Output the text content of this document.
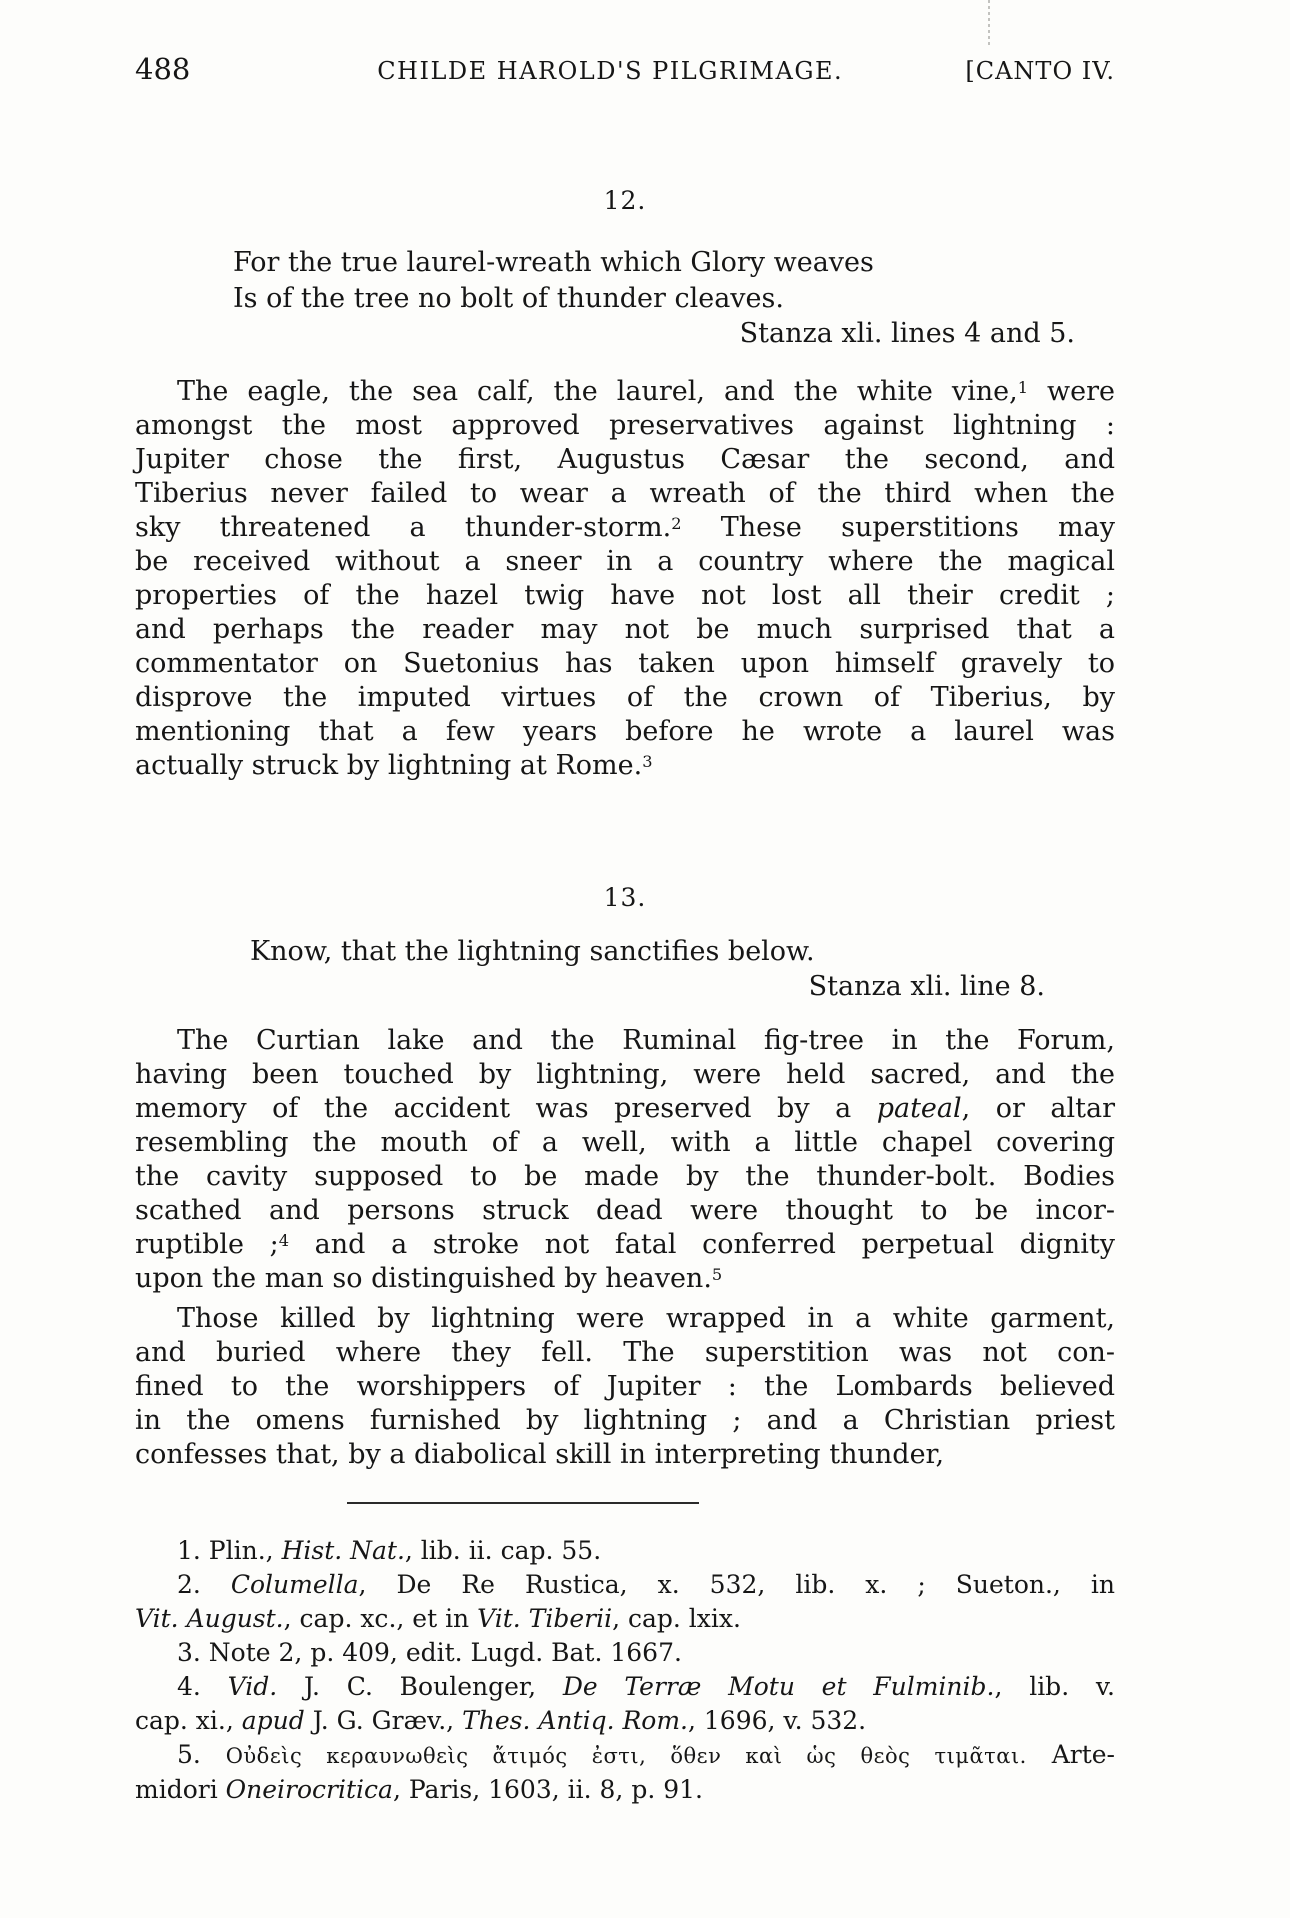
488	CHILDE HAROLD'S PILGRIMAGE.	[CANTO IV.
12.
For the true laurel-wreath which Glory weaves
Is of the tree no bolt of thunder cleaves.
Stanza xli. lines 4 and 5.
The eagle, the sea calf, the laurel, and the white vine,$^1$ were
amongst the most approved preservatives against lightning :
Jupiter chose the first, Augustus Cæsar the second, and
Tiberius never failed to wear a wreath of the third when the
sky threatened a thunder-storm.$^2$ These superstitions may
be received without a sneer in a country where the magical
properties of the hazel twig have not lost all their credit ;
and perhaps the reader may not be much surprised that a
commentator on Suetonius has taken upon himself gravely to
disprove the imputed virtues of the crown of Tiberius, by
mentioning that a few years before he wrote a laurel was
actually struck by lightning at Rome.$^3$
13.
Know, that the lightning sanctifies below.
Stanza xli. line 8.
The Curtian lake and the Ruminal fig-tree in the Forum,
having been touched by lightning, were held sacred, and the
memory of the accident was preserved by a pateal, or altar
resembling the mouth of a well, with a little chapel covering
the cavity supposed to be made by the thunder-bolt. Bodies
scathed and persons struck dead were thought to be incor-
ruptible ;$^4$ and a stroke not fatal conferred perpetual dignity
upon the man so distinguished by heaven.$^5$
Those killed by lightning were wrapped in a white garment,
and buried where they fell. The superstition was not con-
fined to the worshippers of Jupiter : the Lombards believed
in the omens furnished by lightning ; and a Christian priest
confesses that, by a diabolical skill in interpreting thunder,
1. Plin., Hist. Nat., lib. ii. cap. 55.
2. Columella, De Re Rustica, x. 532, lib. x. ; Sueton., in
Vit. August., cap. xc., et in Vit. Tiberii, cap. lxix.
3. Note 2, p. 409, edit. Lugd. Bat. 1667.
4. Vid. J. C. Boulenger, De Terræ Motu et Fulminib., lib. v.
cap. xi., apud J. G. Græv., Thes. Antiq. Rom., 1696, v. 532.
5. Οὐδεὶς κεραυνωθεὶς ἄτιμός ἐστι, ὅθεν καὶ ὡς θεὸς τιμᾶται. Arte-
midori Oneirocritica, Paris, 1603, ii. 8, p. 91.
